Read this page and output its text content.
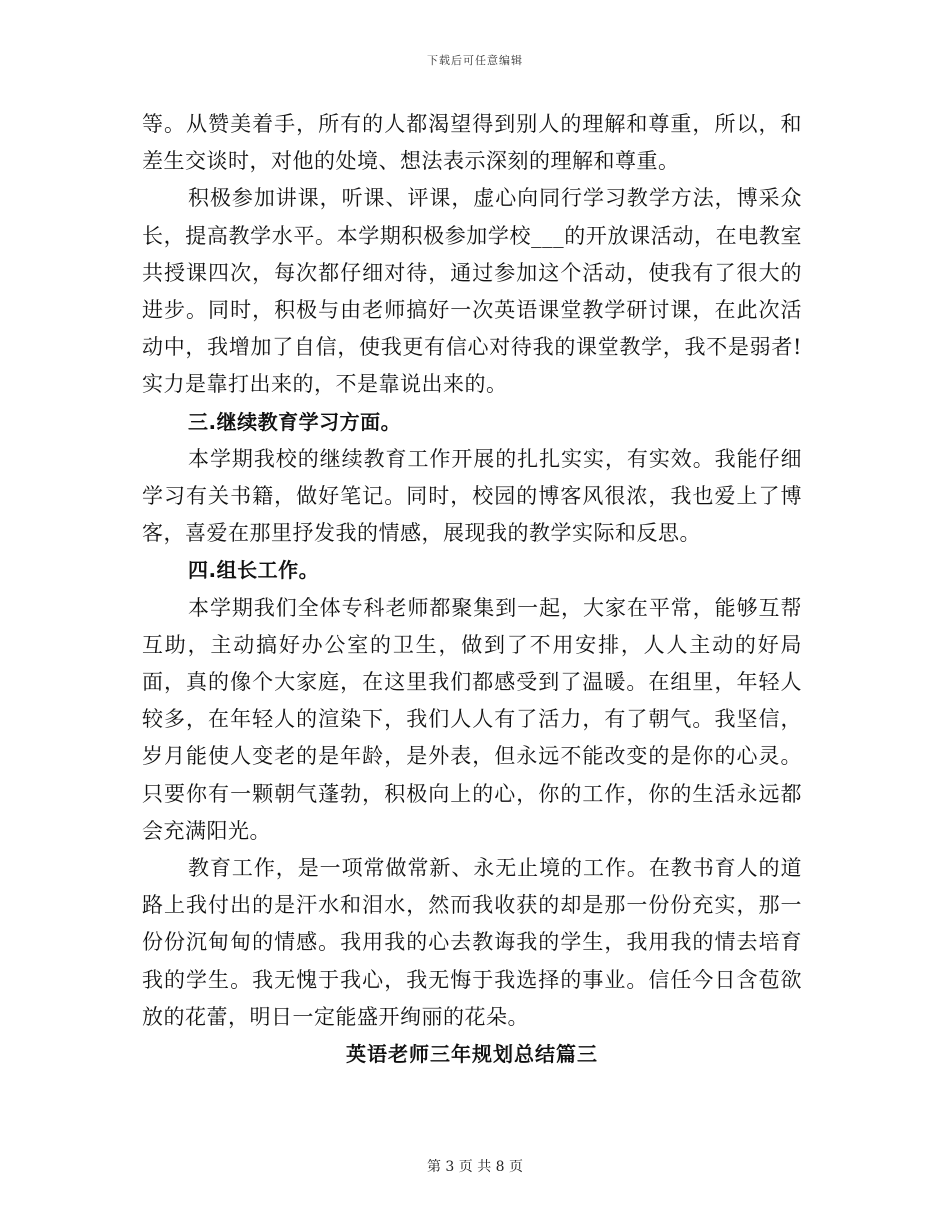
下载后可任意编辑

等。从赞美着手，所有的人都渴望得到别人的理解和尊重，所以，和差生交谈时，对他的处境、想法表示深刻的理解和尊重。

积极参加讲课，听课、评课，虚心向同行学习教学方法，博采众长，提高教学水平。本学期积极参加学校___的开放课活动，在电教室共授课四次，每次都仔细对待，通过参加这个活动，使我有了很大的进步。同时，积极与由老师搞好一次英语课堂教学研讨课，在此次活动中，我增加了自信，使我更有信心对待我的课堂教学，我不是弱者!实力是靠打出来的，不是靠说出来的。

三.继续教育学习方面。

本学期我校的继续教育工作开展的扎扎实实，有实效。我能仔细学习有关书籍，做好笔记。同时，校园的博客风很浓，我也爱上了博客，喜爱在那里抒发我的情感，展现我的教学实际和反思。

四.组长工作。

本学期我们全体专科老师都聚集到一起，大家在平常，能够互帮互助，主动搞好办公室的卫生，做到了不用安排，人人主动的好局面，真的像个大家庭，在这里我们都感受到了温暖。在组里，年轻人较多，在年轻人的渲染下，我们人人有了活力，有了朝气。我坚信，岁月能使人变老的是年龄，是外表，但永远不能改变的是你的心灵。只要你有一颗朝气蓬勃，积极向上的心，你的工作，你的生活永远都会充满阳光。

教育工作，是一项常做常新、永无止境的工作。在教书育人的道路上我付出的是汗水和泪水，然而我收获的却是那一份份充实，那一份份沉甸甸的情感。我用我的心去教诲我的学生，我用我的情去培育我的学生。我无愧于我心，我无悔于我选择的事业。信任今日含苞欲放的花蕾，明日一定能盛开绚丽的花朵。

英语老师三年规划总结篇三

第 3 页 共 8 页
